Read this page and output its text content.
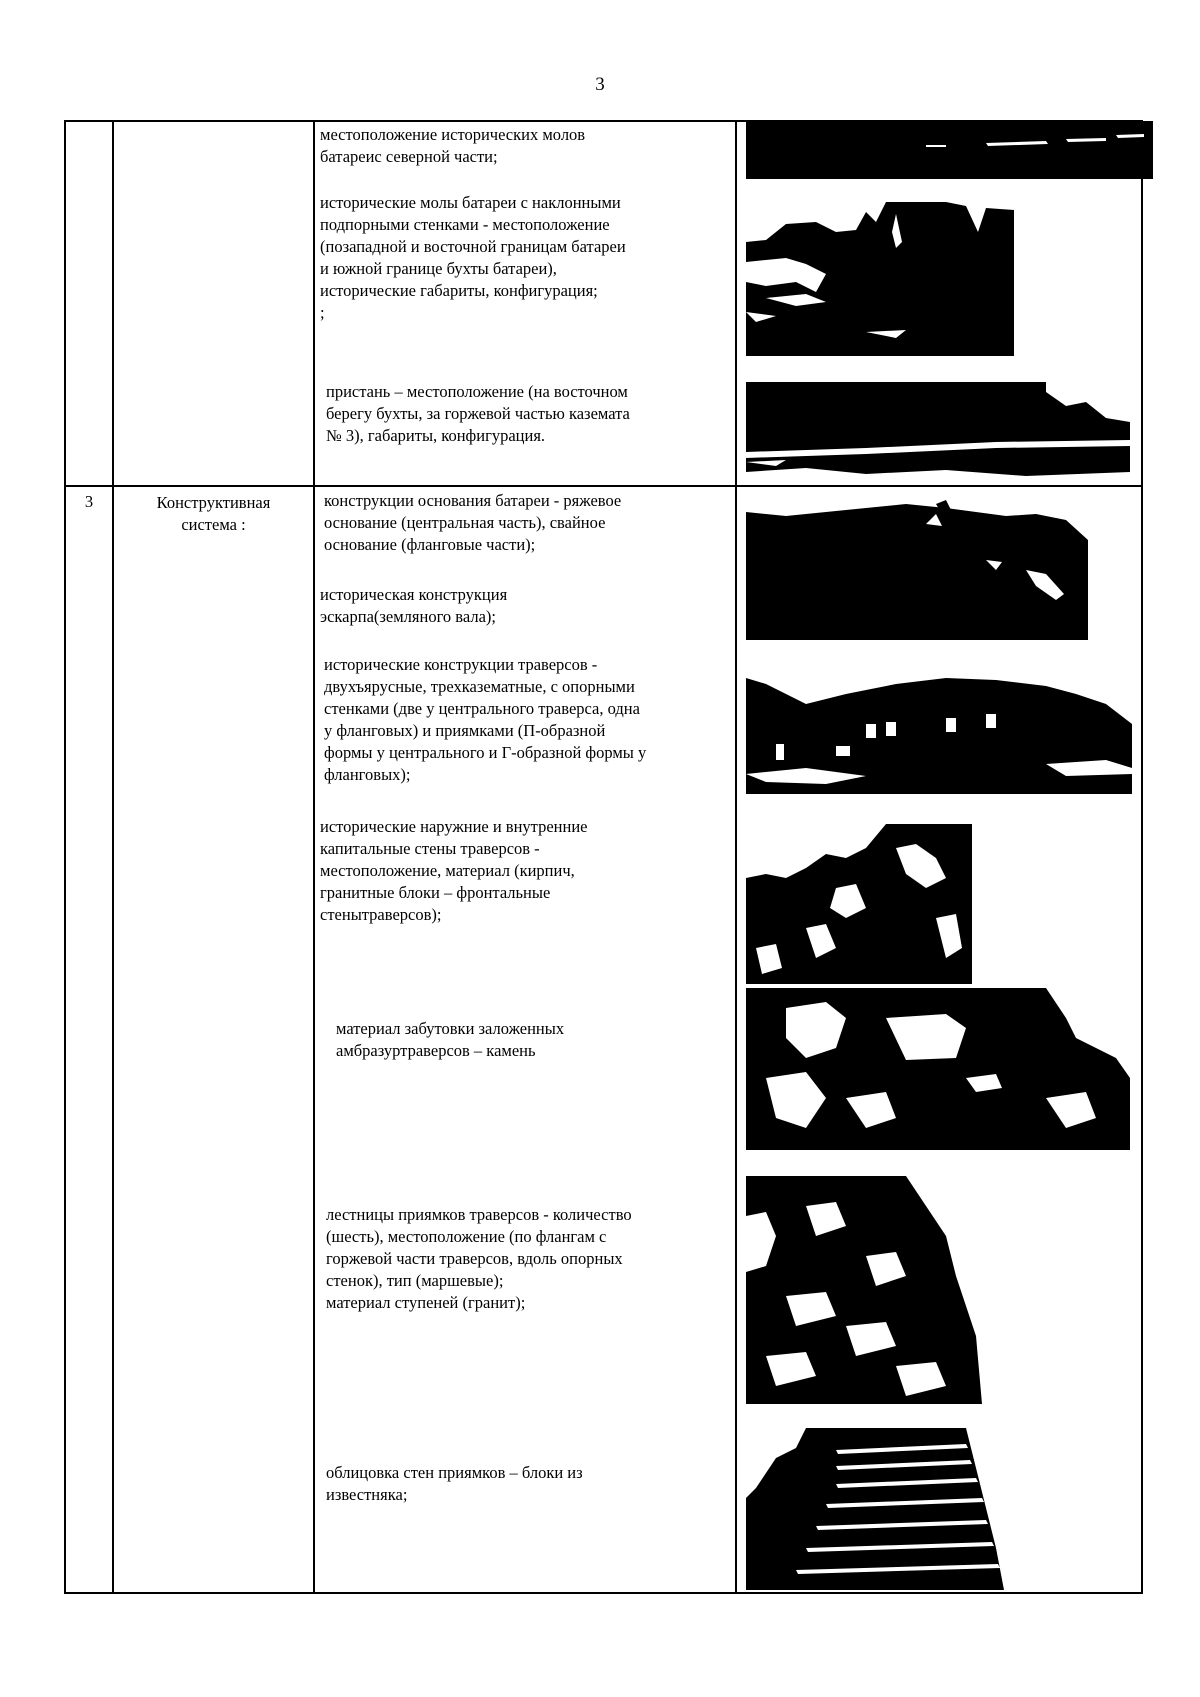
3
3	Конструктивная
система :
местоположение исторических молов
батареис северной части;
исторические молы батареи с наклонными
подпорными стенками - местоположение
(позападной и восточной границам батареи
и южной границе бухты батареи),
исторические габариты, конфигурация;
;
пристань – местоположение (на восточном
берегу бухты, за горжевой частью каземата
№ 3), габариты, конфигурация.
конструкции основания батареи - ряжевое
основание (центральная часть), свайное
основание (фланговые части);
историческая конструкция
эскарпа(земляного вала);
исторические конструкции траверсов -
двухъярусные, трехказематные, с опорными
стенками (две у центрального траверса, одна
у фланговых) и приямками (П-образной
формы у центрального и Г-образной формы у
фланговых);
исторические наружние и внутренние
капитальные стены траверсов -
местоположение, материал (кирпич,
гранитные блоки – фронтальные
стенытраверсов);
материал забутовки заложенных
амбразуртраверсов – камень
лестницы приямков траверсов - количество
(шесть), местоположение (по флангам с
горжевой части траверсов, вдоль опорных
стенок), тип (маршевые);
материал ступеней (гранит);
облицовка стен приямков – блоки из
известняка;
